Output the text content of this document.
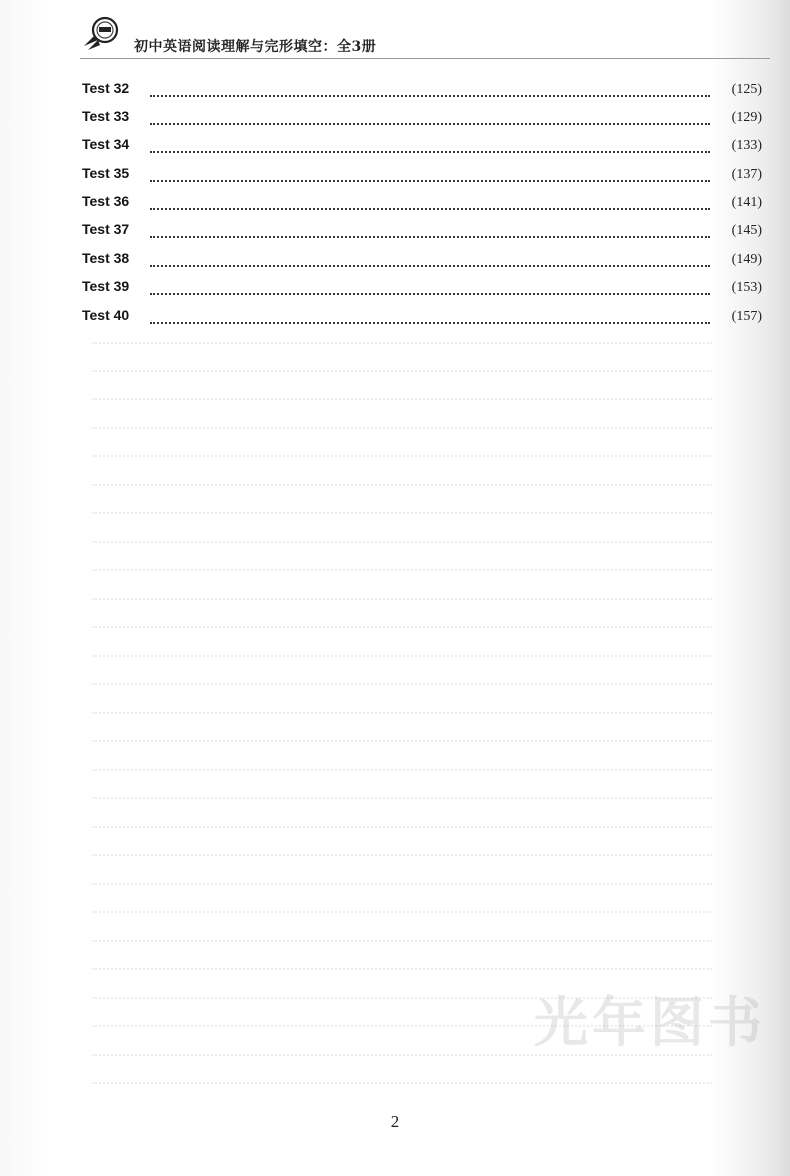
初中英语阅读理解与完形填空：全3册
Test 32	(125)
Test 33	(129)
Test 34	(133)
Test 35	(137)
Test 36	(141)
Test 37	(145)
Test 38	(149)
Test 39	(153)
Test 40	(157)
光年图书
2
